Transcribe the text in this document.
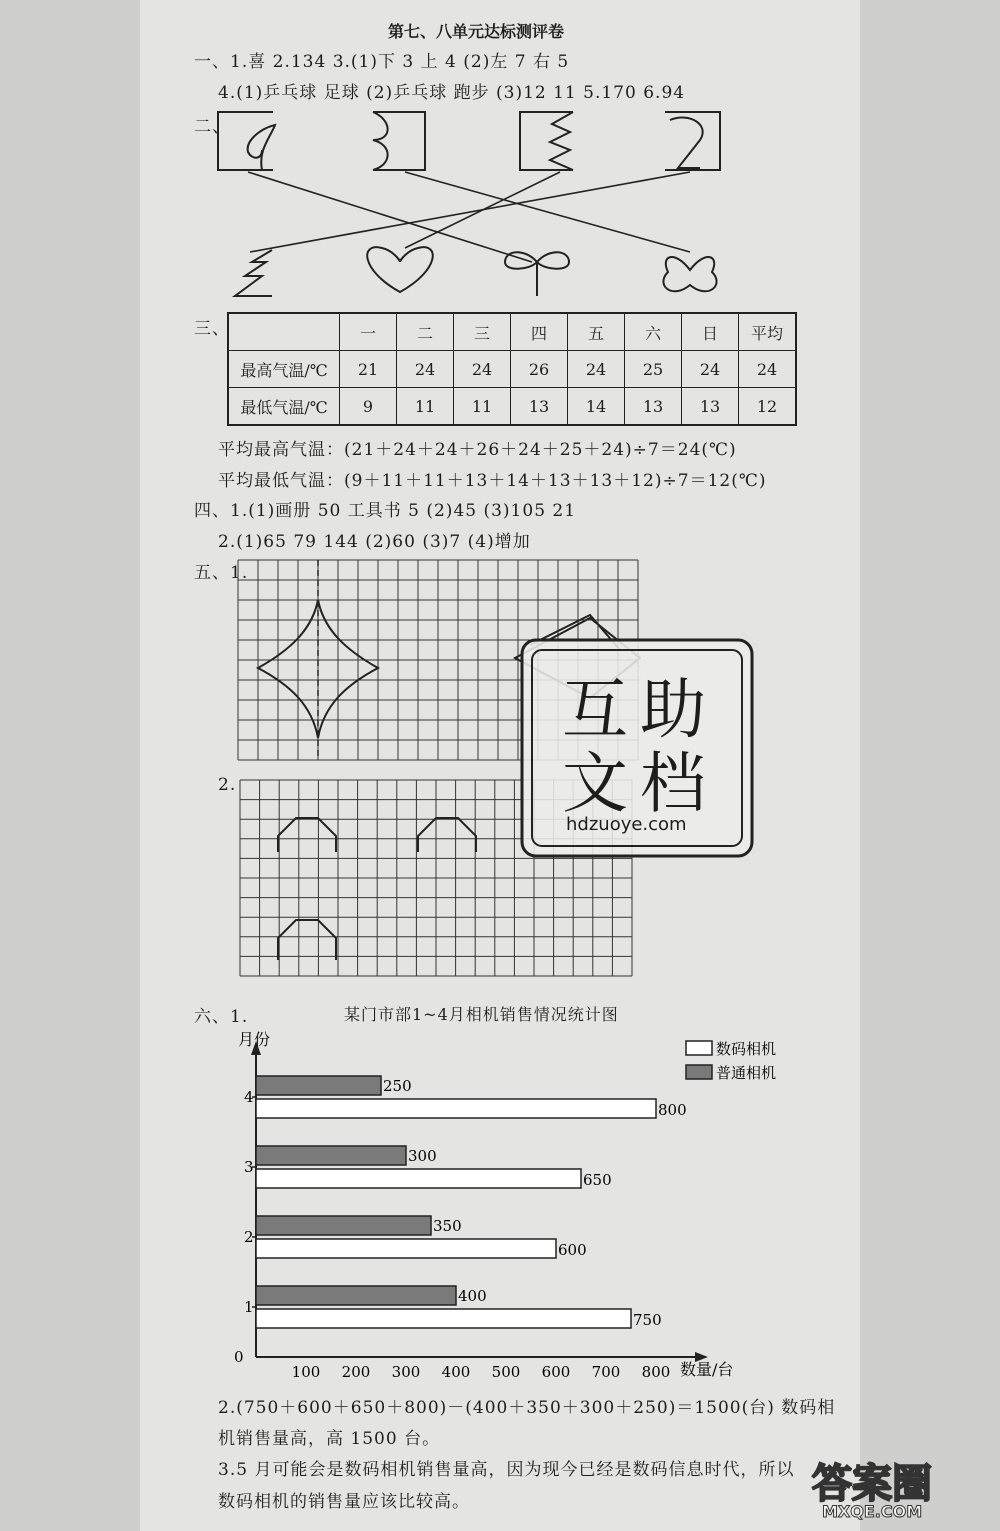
第七、八单元达标测评卷
一、1.喜 2.134 3.(1)下 3 上 4 (2)左 7 右 5
4.(1)乒乓球 足球 (2)乒乓球 跑步 (3)12 11 5.170 6.94
二、
三、
		一	二	三	四	五	六	日	平均
最高气温/℃	21	24	24	26	24	25	24	24
最低气温/℃	9	11	11	13	14	13	13	12
平均最高气温：(21＋24＋24＋26＋24＋25＋24)÷7＝24(℃)
平均最低气温：(9＋11＋11＋13＋14＋13＋13＋12)÷7＝12(℃)
四、1.(1)画册 50 工具书 5 (2)45 (3)105 21
2.(1)65 79 144 (2)60 (3)7 (4)增加
五、1.
2.
互 助
文 档
hdzuoye.com
六、1.	某门市部1~4月相机销售情况统计图
月份
数量/台
0
100 200 300 400 500 600 700 800
1
400
750
2
350
600
3
300
650
4
250
800
数码相机
普通相机
2.(750＋600＋650＋800)－(400＋350＋300＋250)＝1500(台) 数码相
机销售量高，高 1500 台。
3.5 月可能会是数码相机销售量高，因为现今已经是数码信息时代，所以
数码相机的销售量应该比较高。	答案圈
MXQE.COM
